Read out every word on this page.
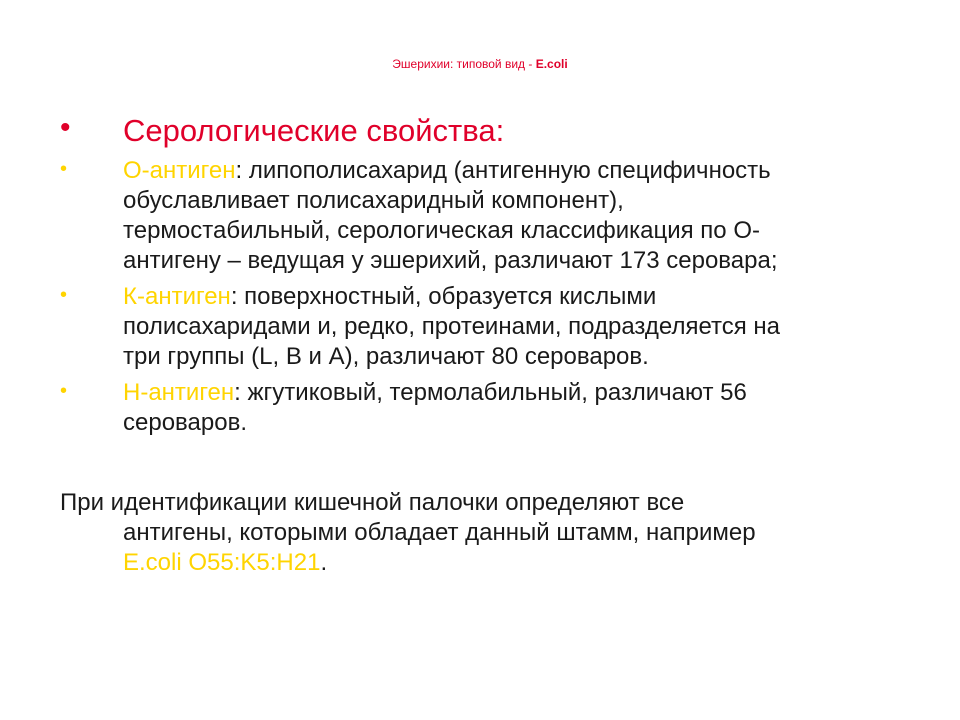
Эшерихии: типовой вид - E.coli
• Серологические свойства:
• О-антиген: липополисахарид (антигенную специфичность
обуславливает полисахаридный компонент),
термостабильный, серологическая классификация по О-
антигену – ведущая у эшерихий, различают 173 серовара;
• К-антиген: поверхностный, образуется кислыми
полисахаридами и, редко, протеинами, подразделяется на
три группы (L, B и A), различают 80 сероваров.
• Н-антиген: жгутиковый, термолабильный, различают 56
сероваров.
При идентификации кишечной палочки определяют все
антигены, которыми обладает данный штамм, например
E.coli O55:K5:H21.
